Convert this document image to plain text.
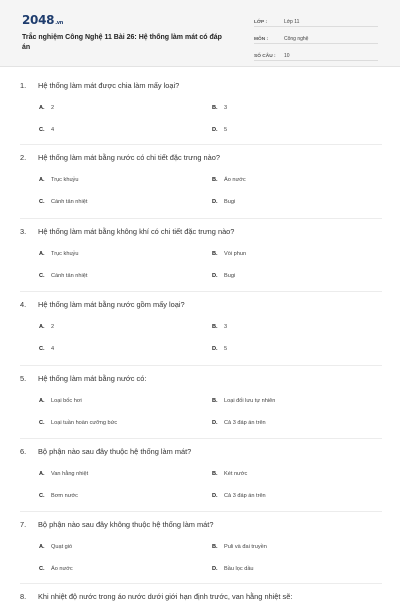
2048.vn
Trắc nghiệm Công Nghệ 11 Bài 26: Hệ thống làm mát có đáp án
LỚP :	Lớp 11
MÔN :	Công nghệ
SỐ CÂU :	10
1. Hệ thống làm mát được chia làm mấy loại?
A. 2	B. 3
C. 4	D. 5
2. Hệ thống làm mát bằng nước có chi tiết đặc trưng nào?
A. Trục khuỷu	B. Áo nước
C. Cánh tản nhiệt	D. Bugi
3. Hệ thống làm mát bằng không khí có chi tiết đặc trưng nào?
A. Trục khuỷu	B. Vòi phun
C. Cánh tản nhiệt	D. Bugi
4. Hệ thống làm mát bằng nước gồm mấy loại?
A. 2	B. 3
C. 4	D. 5
5. Hệ thống làm mát bằng nước có:
A. Loại bốc hơi	B. Loại đối lưu tự nhiên
C. Loại tuần hoàn cưỡng bức	D. Cả 3 đáp án trên
6. Bộ phận nào sau đây thuộc hệ thống làm mát?
A. Van hằng nhiệt	B. Két nước
C. Bơm nước	D. Cả 3 đáp án trên
7. Bộ phận nào sau đây không thuộc hệ thống làm mát?
A. Quạt gió	B. Puli và đai truyền
C. Áo nước	D. Bầu lọc dầu
8. Khi nhiệt độ nước trong áo nước dưới giới hạn định trước, van hằng nhiệt sẽ:
